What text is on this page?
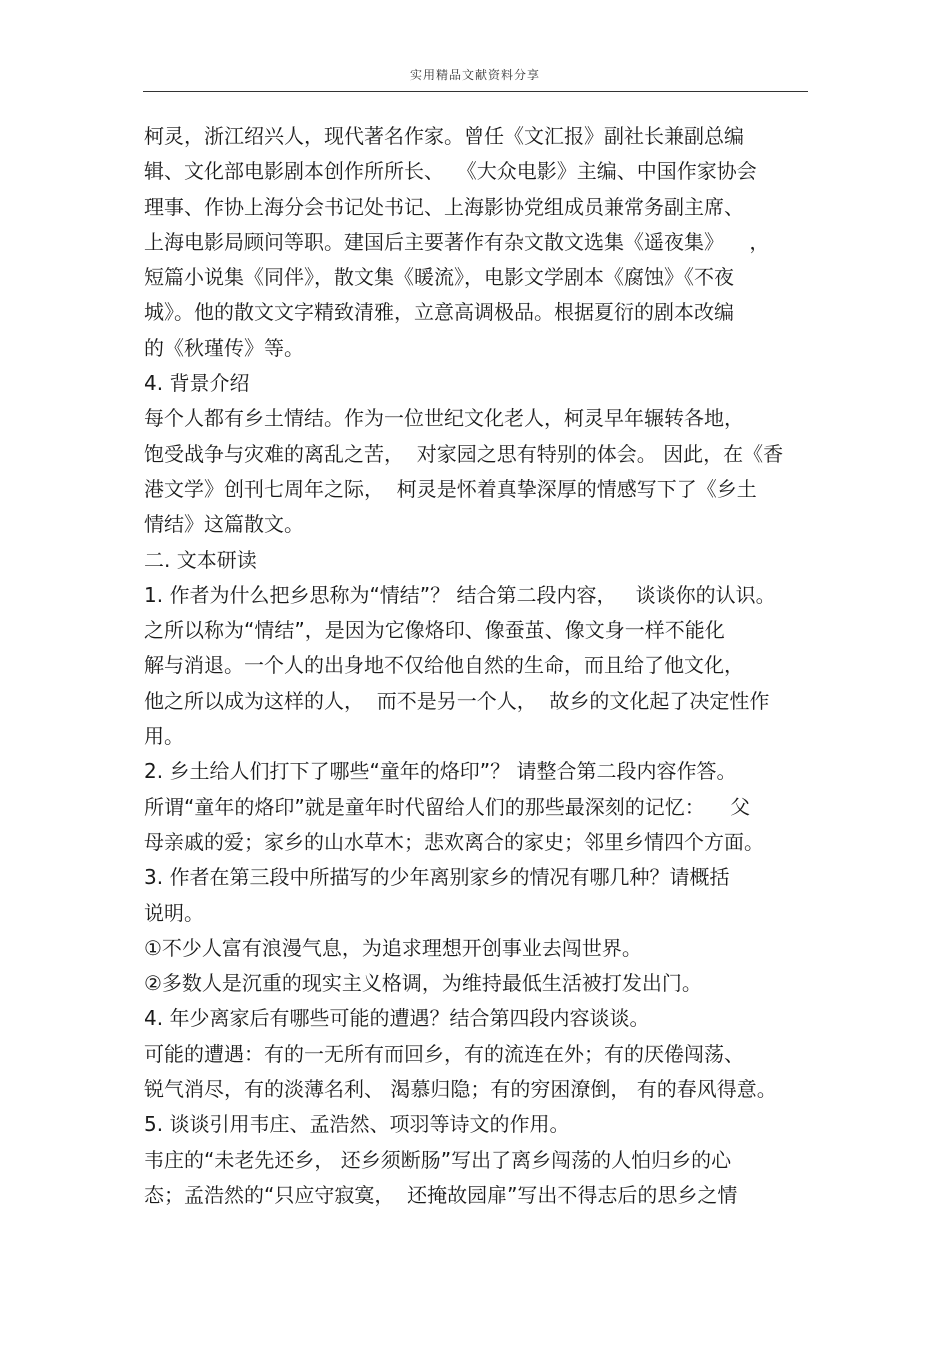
实用精品文献资料分享
柯灵，浙江绍兴人，现代著名作家。曾任《文汇报》副社长兼副总编
辑、文化部电影剧本创作所所长、  《大众电影》主编、中国作家协会
理事、作协上海分会书记处书记、上海影协党组成员兼常务副主席、
上海电影局顾问等职。建国后主要著作有杂文散文选集《遥夜集》    ，
短篇小说集《同伴》，散文集《暖流》，电影文学剧本《腐蚀》《不夜
城》。他的散文文字精致清雅，立意高调极品。根据夏衍的剧本改编
的《秋瑾传》等。
4. 背景介绍
每个人都有乡土情结。作为一位世纪文化老人，柯灵早年辗转各地，
饱受战争与灾难的离乱之苦，  对家园之思有特别的体会。 因此，在《香
港文学》创刊七周年之际，  柯灵是怀着真挚深厚的情感写下了《乡土
情结》这篇散文。
二. 文本研读
1. 作者为什么把乡思称为“情结”？ 结合第二段内容，   谈谈你的认识。
之所以称为“情结”，是因为它像烙印、像蚕茧、像文身一样不能化
解与消退。一个人的出身地不仅给他自然的生命，而且给了他文化，
他之所以成为这样的人，  而不是另一个人，  故乡的文化起了决定性作
用。
2. 乡土给人们打下了哪些“童年的烙印”？ 请整合第二段内容作答。
所谓“童年的烙印”就是童年时代留给人们的那些最深刻的记忆：    父
母亲戚的爱；家乡的山水草木；悲欢离合的家史；邻里乡情四个方面。
3. 作者在第三段中所描写的少年离别家乡的情况有哪几种？请概括
说明。
①不少人富有浪漫气息，为追求理想开创事业去闯世界。
②多数人是沉重的现实主义格调，为维持最低生活被打发出门。
4. 年少离家后有哪些可能的遭遇？结合第四段内容谈谈。
可能的遭遇：有的一无所有而回乡，有的流连在外；有的厌倦闯荡、
锐气消尽，有的淡薄名利、 渴慕归隐；有的穷困潦倒， 有的春风得意。
5. 谈谈引用韦庄、孟浩然、项羽等诗文的作用。
韦庄的“未老先还乡， 还乡须断肠”写出了离乡闯荡的人怕归乡的心
态；孟浩然的“只应守寂寞，  还掩故园扉”写出不得志后的思乡之情
